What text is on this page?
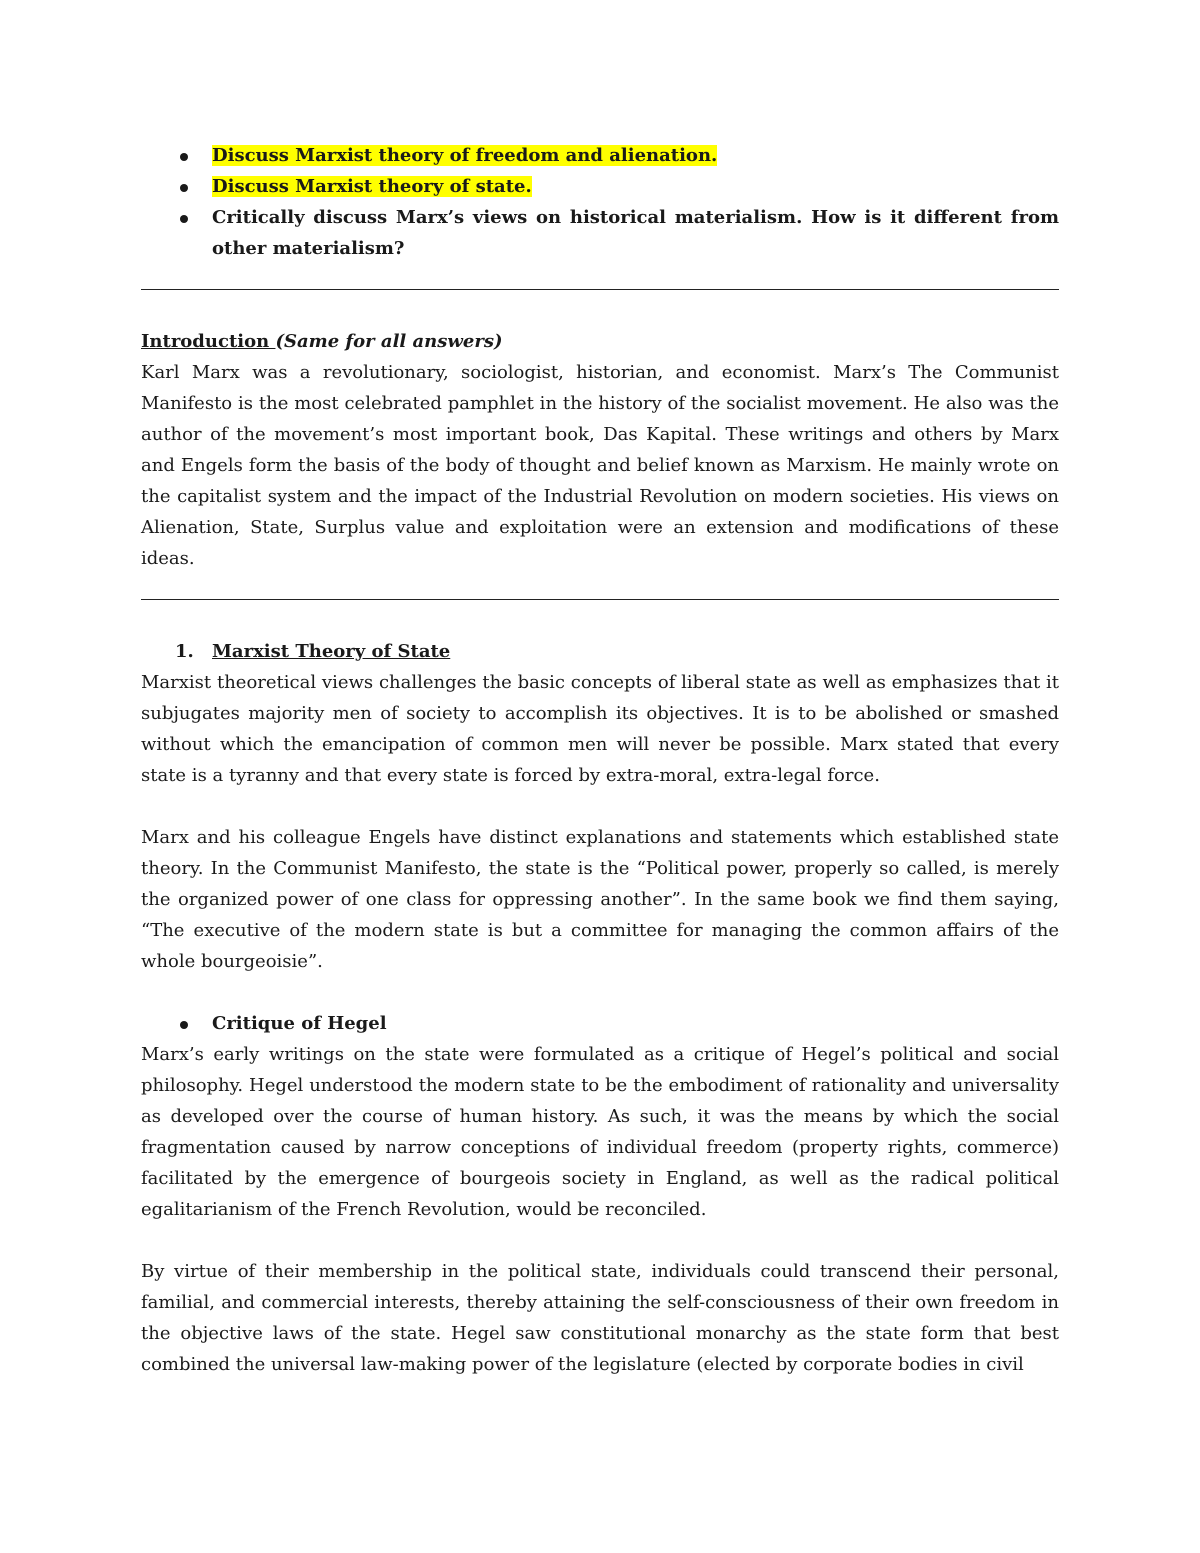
Discuss Marxist theory of freedom and alienation.
Discuss Marxist theory of state.
Critically discuss Marx’s views on historical materialism. How is it different from other materialism?
Introduction (Same for all answers)

Karl Marx was a revolutionary, sociologist, historian, and economist. Marx’s The Communist Manifesto is the most celebrated pamphlet in the history of the socialist movement. He also was the author of the movement’s most important book, Das Kapital. These writings and others by Marx and Engels form the basis of the body of thought and belief known as Marxism. He mainly wrote on the capitalist system and the impact of the Industrial Revolution on modern societies. His views on Alienation, State, Surplus value and exploitation were an extension and modifications of these ideas.

1. Marxist Theory of State

Marxist theoretical views challenges the basic concepts of liberal state as well as emphasizes that it subjugates majority men of society to accomplish its objectives. It is to be abolished or smashed without which the emancipation of common men will never be possible. Marx stated that every state is a tyranny and that every state is forced by extra-moral, extra-legal force.

Marx and his colleague Engels have distinct explanations and statements which established state theory. In the Communist Manifesto, the state is the “Political power, properly so called, is merely the organized power of one class for oppressing another”. In the same book we find them saying, “The executive of the modern state is but a committee for managing the common affairs of the whole bourgeoisie”.

Critique of Hegel

Marx’s early writings on the state were formulated as a critique of Hegel’s political and social philosophy. Hegel understood the modern state to be the embodiment of rationality and universality as developed over the course of human history. As such, it was the means by which the social fragmentation caused by narrow conceptions of individual freedom (property rights, commerce) facilitated by the emergence of bourgeois society in England, as well as the radical political egalitarianism of the French Revolution, would be reconciled.

By virtue of their membership in the political state, individuals could transcend their personal, familial, and commercial interests, thereby attaining the self-consciousness of their own freedom in the objective laws of the state. Hegel saw constitutional monarchy as the state form that best combined the universal law-making power of the legislature (elected by corporate bodies in civil
